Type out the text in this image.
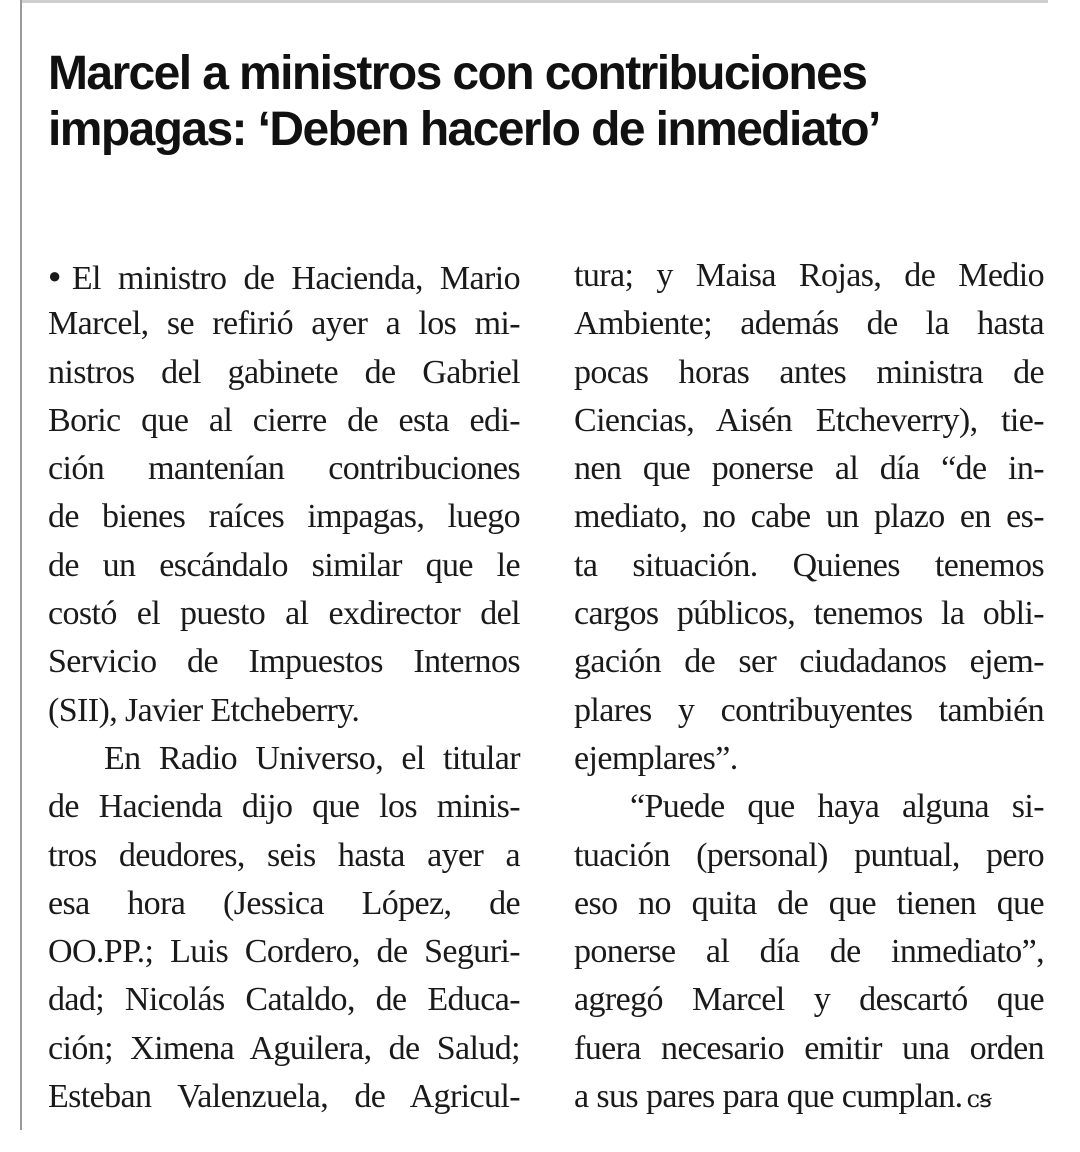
Marcel a ministros con contribuciones
impagas: ‘Deben hacerlo de inmediato’
● El ministro de Hacienda, Mario
Marcel, se refirió ayer a los mi-
nistros del gabinete de Gabriel
Boric que al cierre de esta edi-
ción mantenían contribuciones
de bienes raíces impagas, luego
de un escándalo similar que le
costó el puesto al exdirector del
Servicio de Impuestos Internos
(SII), Javier Etcheberry.
En Radio Universo, el titular
de Hacienda dijo que los minis-
tros deudores, seis hasta ayer a
esa hora (Jessica López, de
OO.PP.; Luis Cordero, de Seguri-
dad; Nicolás Cataldo, de Educa-
ción; Ximena Aguilera, de Salud;
Esteban Valenzuela, de Agricul-
tura; y Maisa Rojas, de Medio
Ambiente; además de la hasta
pocas horas antes ministra de
Ciencias, Aisén Etcheverry), tie-
nen que ponerse al día “de in-
mediato, no cabe un plazo en es-
ta situación. Quienes tenemos
cargos públicos, tenemos la obli-
gación de ser ciudadanos ejem-
plares y contribuyentes también
ejemplares”.
“Puede que haya alguna si-
tuación (personal) puntual, pero
eso no quita de que tienen que
ponerse al día de inmediato”,
agregó Marcel y descartó que
fuera necesario emitir una orden
a sus pares para que cumplan. ᴄꞩ
